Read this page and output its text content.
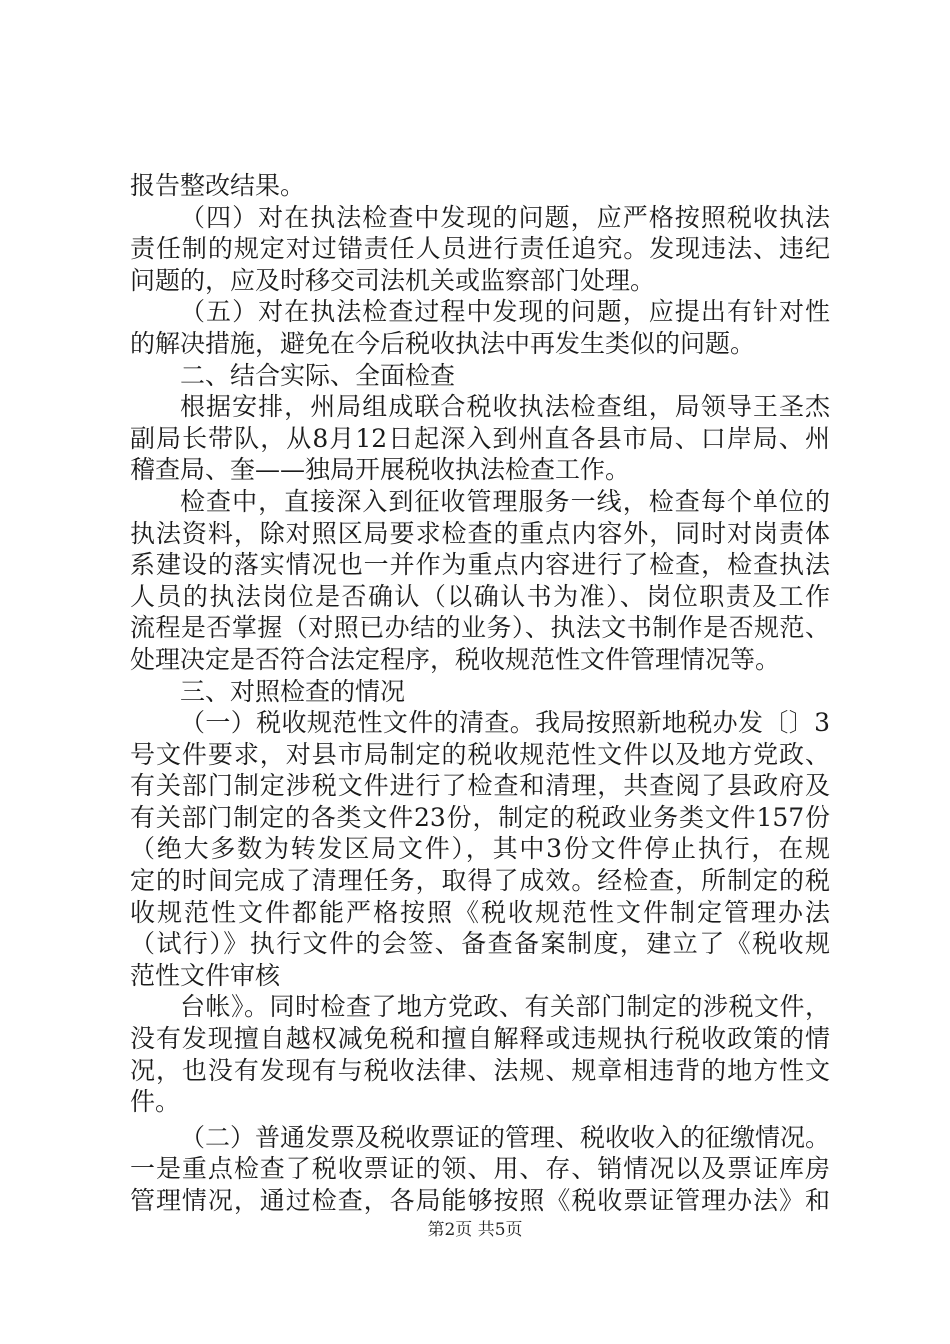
报告整改结果。
（四）对在执法检查中发现的问题，应严格按照税收执法
责任制的规定对过错责任人员进行责任追究。发现违法、违纪
问题的，应及时移交司法机关或监察部门处理。
（五）对在执法检查过程中发现的问题，应提出有针对性
的解决措施，避免在今后税收执法中再发生类似的问题。
二、结合实际、全面检查
根据安排，州局组成联合税收执法检查组，局领导王圣杰
副局长带队，从8月12日起深入到州直各县市局、口岸局、州
稽查局、奎——独局开展税收执法检查工作。
检查中，直接深入到征收管理服务一线，检查每个单位的
执法资料，除对照区局要求检查的重点内容外，同时对岗责体
系建设的落实情况也一并作为重点内容进行了检查，检查执法
人员的执法岗位是否确认（以确认书为准）、岗位职责及工作
流程是否掌握（对照已办结的业务）、执法文书制作是否规范、
处理决定是否符合法定程序，税收规范性文件管理情况等。
三、对照检查的情况
（一）税收规范性文件的清查。我局按照新地税办发〔〕3
号文件要求，对县市局制定的税收规范性文件以及地方党政、
有关部门制定涉税文件进行了检查和清理，共查阅了县政府及
有关部门制定的各类文件23份，制定的税政业务类文件157份
（绝大多数为转发区局文件），其中3份文件停止执行，在规
定的时间完成了清理任务，取得了成效。经检查，所制定的税
收规范性文件都能严格按照《税收规范性文件制定管理办法
（试行）》执行文件的会签、备查备案制度，建立了《税收规
范性文件审核
台帐》。同时检查了地方党政、有关部门制定的涉税文件，
没有发现擅自越权减免税和擅自解释或违规执行税收政策的情
况，也没有发现有与税收法律、法规、规章相违背的地方性文
件。
（二）普通发票及税收票证的管理、税收收入的征缴情况。
一是重点检查了税收票证的领、用、存、销情况以及票证库房
管理情况，通过检查，各局能够按照《税收票证管理办法》和
第2页 共5页
